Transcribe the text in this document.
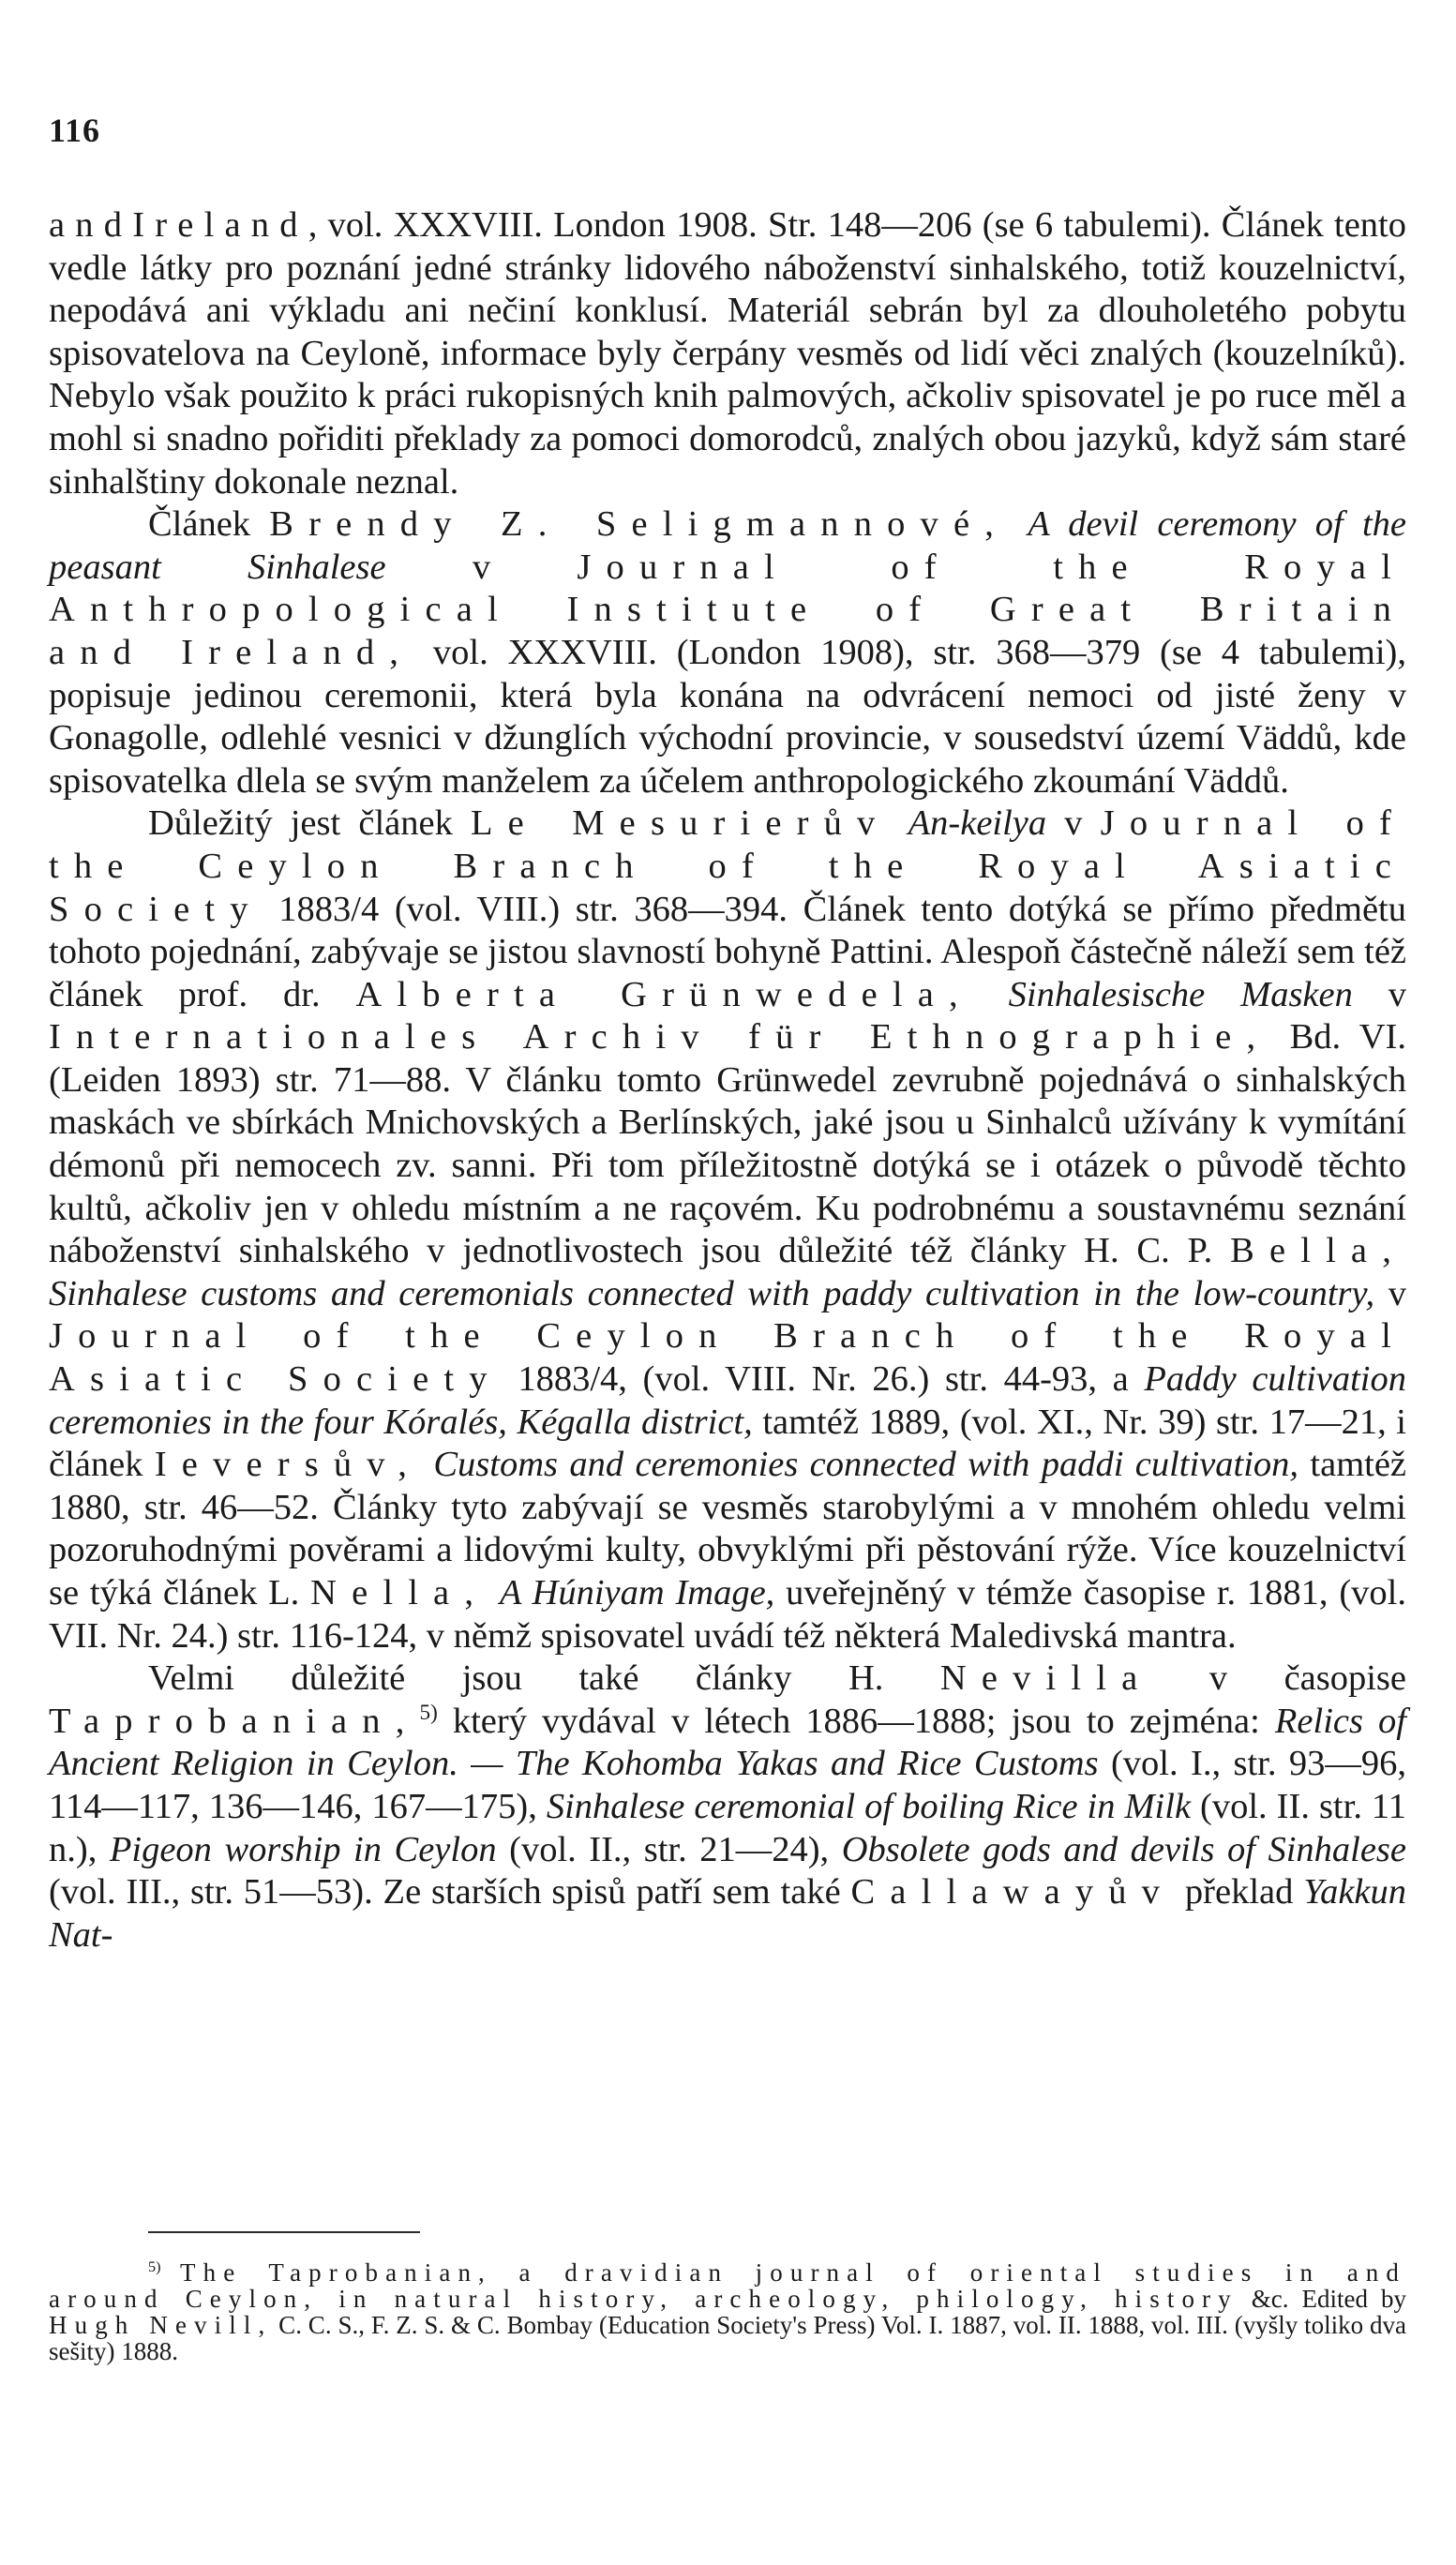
116

a n d I r e l a n d , vol. XXXVIII. London 1908. Str. 148—206 (se 6 tabulemi). Článek tento vedle látky pro poznání jedné stránky lidového náboženství sinhalského, totiž kouzelnictví, nepodává ani výkladu ani nečiní konklusí. Materiál sebrán byl za dlouholetého pobytu spisovatelova na Ceyloně, informace byly čerpány vesměs od lidí věci znalých (kouzelníků). Nebylo však použito k práci rukopisných knih palmových, ačkoliv spisovatel je po ruce měl a mohl si snadno pořiditi překlady za pomoci domorodců, znalých obou jazyků, když sám staré sinhalštiny dokonale neznal.

Článek Brendy Z. Seligmannové, A devil ceremony of the peasant Sinhalese v Journal of the Royal Anthropological Institute of Great Britain and Ireland, vol. XXXVIII. (London 1908), str. 368—379 (se 4 tabulemi), popisuje jedinou ceremonii, která byla konána na odvrácení nemoci od jisté ženy v Gonagolle, odlehlé vesnici v džunglích východní provincie, v sousedství území Väddů, kde spisovatelka dlela se svým manželem za účelem anthropologického zkoumání Väddů.

Důležitý jest článek Le Mesurierův An-keilya v Journal of the Ceylon Branch of the Royal Asiatic Society 1883/4 (vol. VIII.) str. 368—394. Článek tento dotýká se přímo předmětu tohoto pojednání, zabývaje se jistou slavností bohyně Pattini. Alespoň částečně náleží sem též článek prof. dr. Alberta Grünwedela, Sinhalesische Masken v Internationales Archiv für Ethnographie, Bd. VI. (Leiden 1893) str. 71—88. V článku tomto Grünwedel zevrubně pojednává o sinhalských maskách ve sbírkách Mnichovských a Berlínských, jaké jsou u Sinhalců užívány k vymítání démonů při nemocech zv. sanni. Při tom příležitostně dotýká se i otázek o původě těchto kultů, ačkoliv jen v ohledu místním a ne raçovém. Ku podrobnému a soustavnému seznání náboženství sinhalského v jednotlivostech jsou důležité též články H. C. P. Bella, Sinhalese customs and ceremonials connected with paddy cultivation in the low-country, v Journal of the Ceylon Branch of the Royal Asiatic Society 1883/4, (vol. VIII. Nr. 26.) str. 44-93, a Paddy cultivation ceremonies in the four Kóralés, Kégalla district, tamtéž 1889, (vol. XI., Nr. 39) str. 17—21, i článek Ieversův, Customs and ceremonies connected with paddi cultivation, tamtéž 1880, str. 46—52. Články tyto zabývají se vesměs starobylými a v mnohém ohledu velmi pozoruhodnými pověrami a lidovými kulty, obvyklými při pěstování rýže. Více kouzelnictví se týká článek L. Nella, A Húniyam Image, uveřejněný v témže časopise r. 1881, (vol. VII. Nr. 24.) str. 116-124, v němž spisovatel uvádí též některá Maledivská mantra.

Velmi důležité jsou také články H. Nevilla v časopise Taprobanian,$^{5)}$ který vydával v létech 1886—1888; jsou to zejména: Relics of Ancient Religion in Ceylon. — The Kohomba Yakas and Rice Customs (vol. I., str. 93—96, 114—117, 136—146, 167—175), Sinhalese ceremonial of boiling Rice in Milk (vol. II. str. 11 n.), Pigeon worship in Ceylon (vol. II., str. 21—24), Obsolete gods and devils of Sinhalese (vol. III., str. 51—53). Ze starších spisů patří sem také Callawayův překlad Yakkun Nat-

$^{5)}$ The Taprobanian, a dravidian journal of oriental studies in and around Ceylon, in natural history, archeology, philology, history &c. Edited by Hugh Nevill, C. C. S., F. Z. S. & C. Bombay (Education Society's Press) Vol. I. 1887, vol. II. 1888, vol. III. (vyšly toliko dva sešity) 1888.
